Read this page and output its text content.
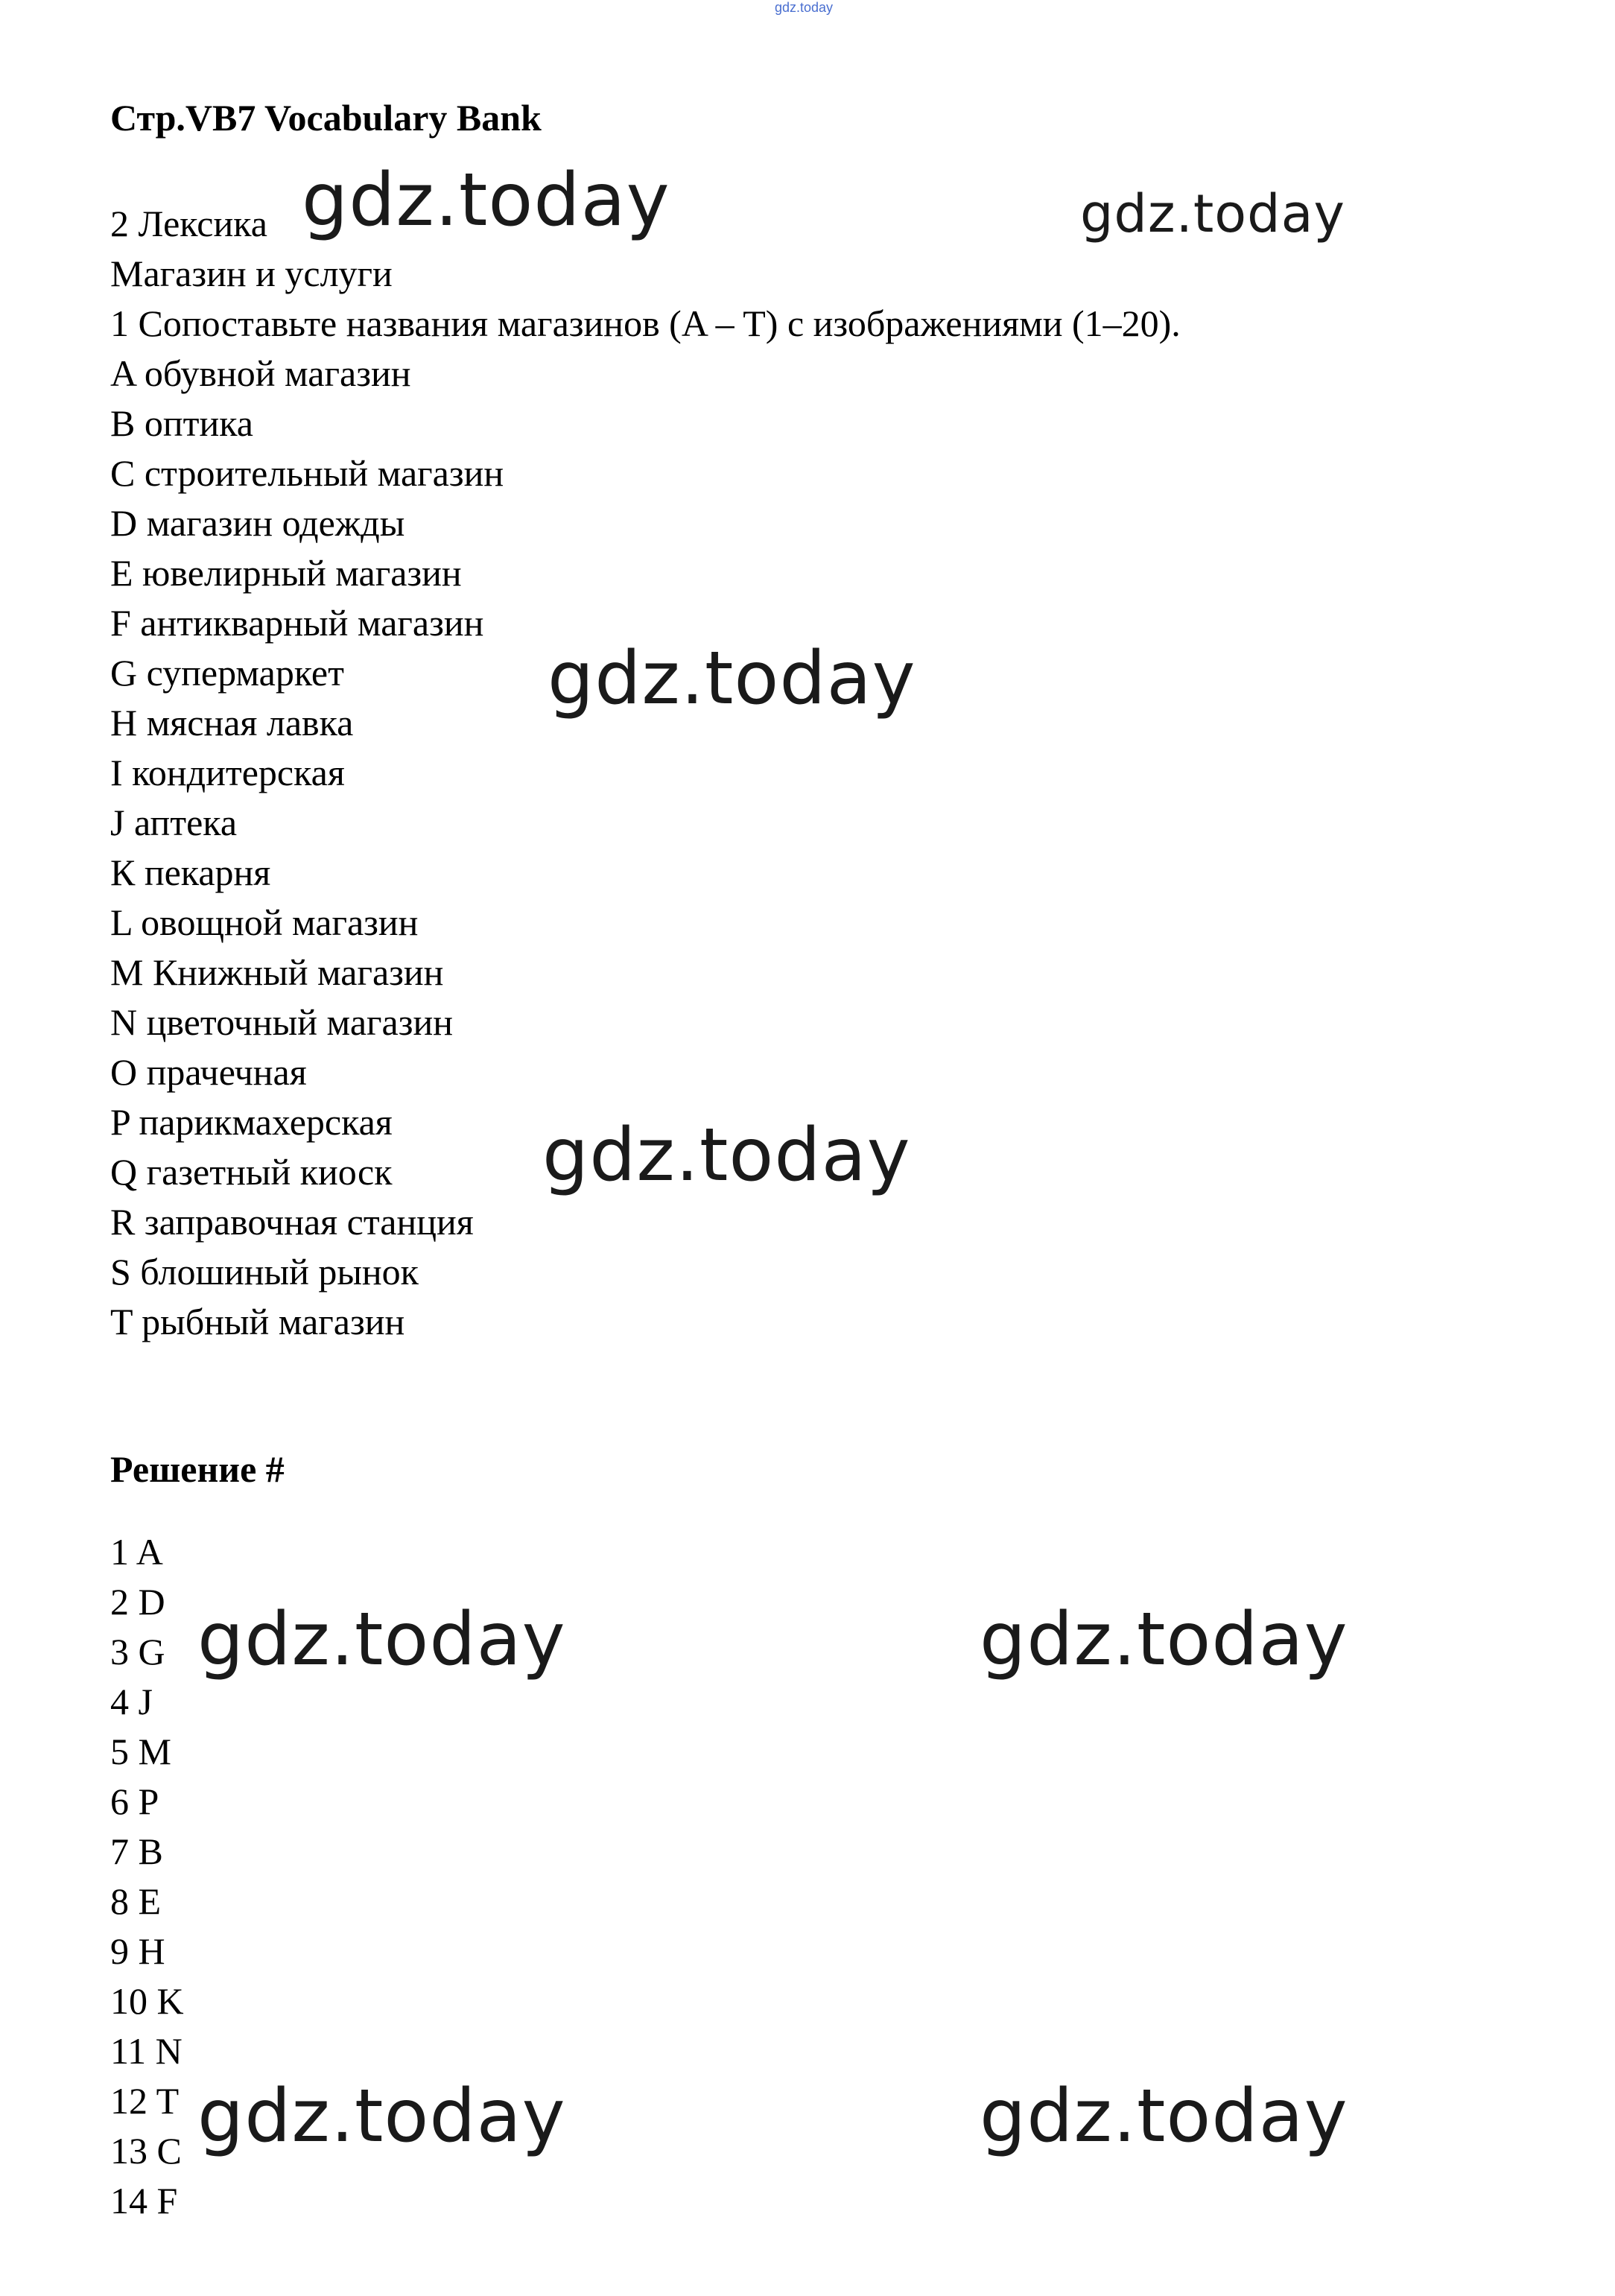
gdz.today
Стр.VB7 Vocabulary Bank
2 Лексика
Магазин и услуги
1 Сопоставьте названия магазинов (A – T) с изображениями (1–20).
A обувной магазин
B оптика
C строительный магазин
D магазин одежды
E ювелирный магазин
F антикварный магазин
G супермаркет
H мясная лавка
I кондитерская
J аптека
К пекарня
L овощной магазин
M Книжный магазин
N цветочный магазин
O прачечная
P парикмахерская
Q газетный киоск
R заправочная станция
S блошиный рынок
T рыбный магазин
Решение #
1 A
2 D
3 G
4 J
5 M
6 P
7 B
8 E
9 H
10 K
11 N
12 T
13 C
14 F
gdz.today	gdz.today
gdz.today
gdz.today
gdz.today	gdz.today
gdz.today	gdz.today
